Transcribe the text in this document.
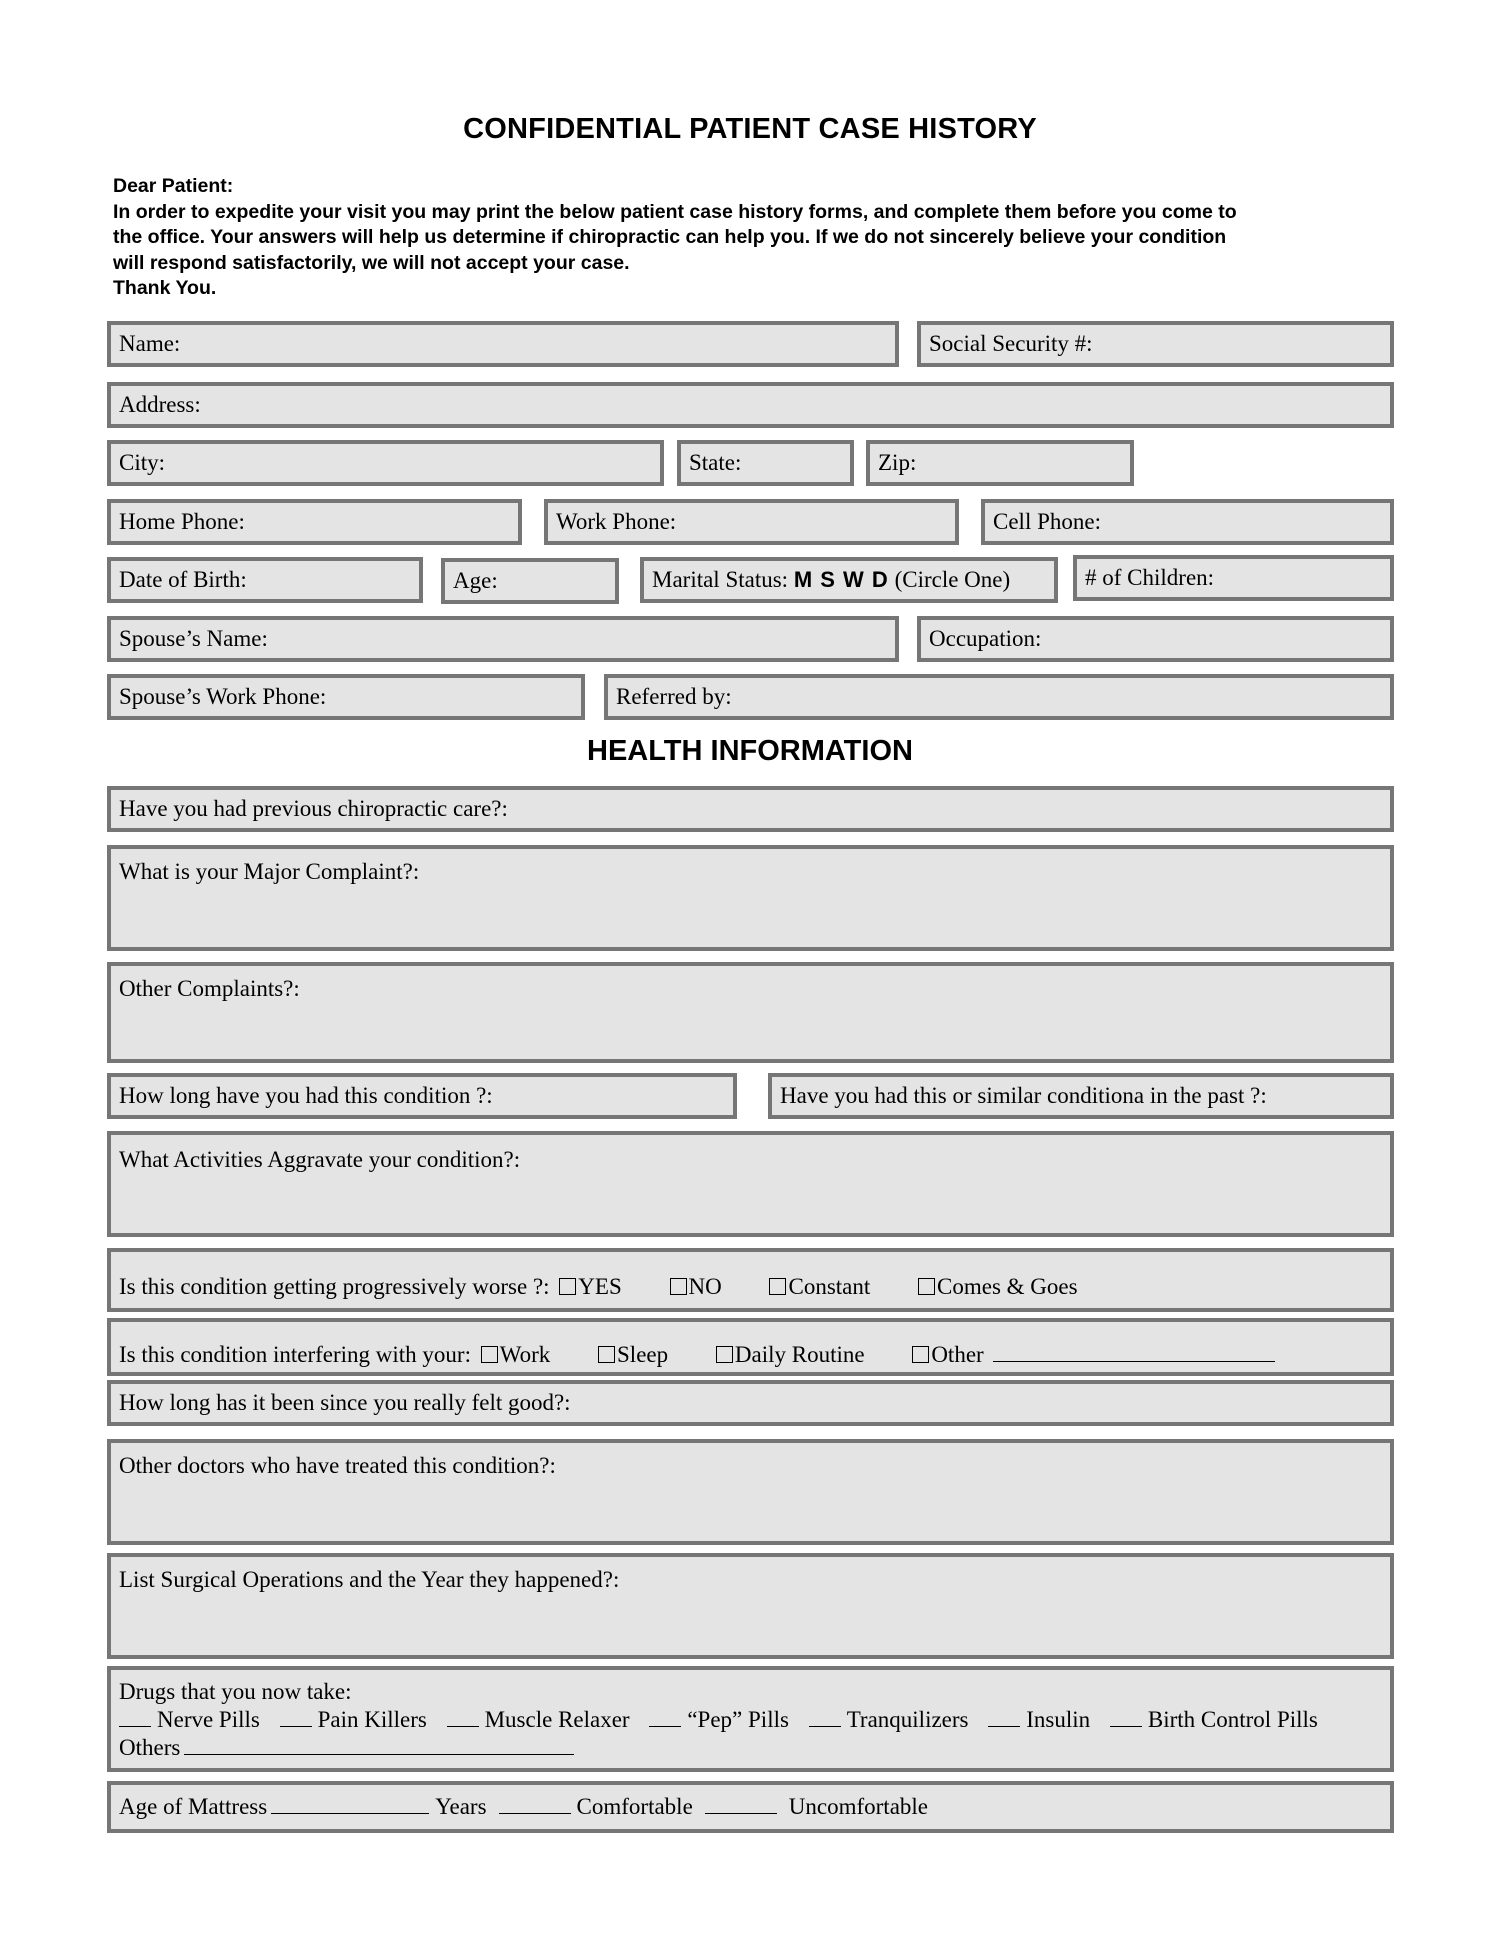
CONFIDENTIAL PATIENT CASE HISTORY
Dear Patient:
In order to expedite your visit you may print the below patient case history forms, and complete them before you come to
the office. Your answers will help us determine if chiropractic can help you. If we do not sincerely believe your condition
will respond satisfactorily, we will not accept your case.
Thank You.
Name:	Social Security #:
Address:
City:	State:	Zip:
Home Phone:	Work Phone:	Cell Phone:
Date of Birth:	Age:	Marital Status: M S W D (Circle One)	# of Children:
Spouse’s Name:	Occupation:
Spouse’s Work Phone:	Referred by:
HEALTH INFORMATION
Have you had previous chiropractic care?:
What is your Major Complaint?:
Other Complaints?:
How long have you had this condition ?:	Have you had this or similar conditiona in the past ?:
What Activities Aggravate your condition?:
Is this condition getting progressively worse ?: YES
	NO
	Constant
	Comes & Goes
Is this condition interfering with your: Work
	Sleep
	Daily Routine
	Other

How long has it been since you really felt good?:
Other doctors who have treated this condition?:
List Surgical Operations and the Year they happened?:
Drugs that you now take:
Nerve Pills	Pain Killers	Muscle Relaxer	“Pep” Pills	Tranquilizers	Insulin	Birth Control Pills
Others
Age of Mattress	Years	Comfortable	Uncomfortable
